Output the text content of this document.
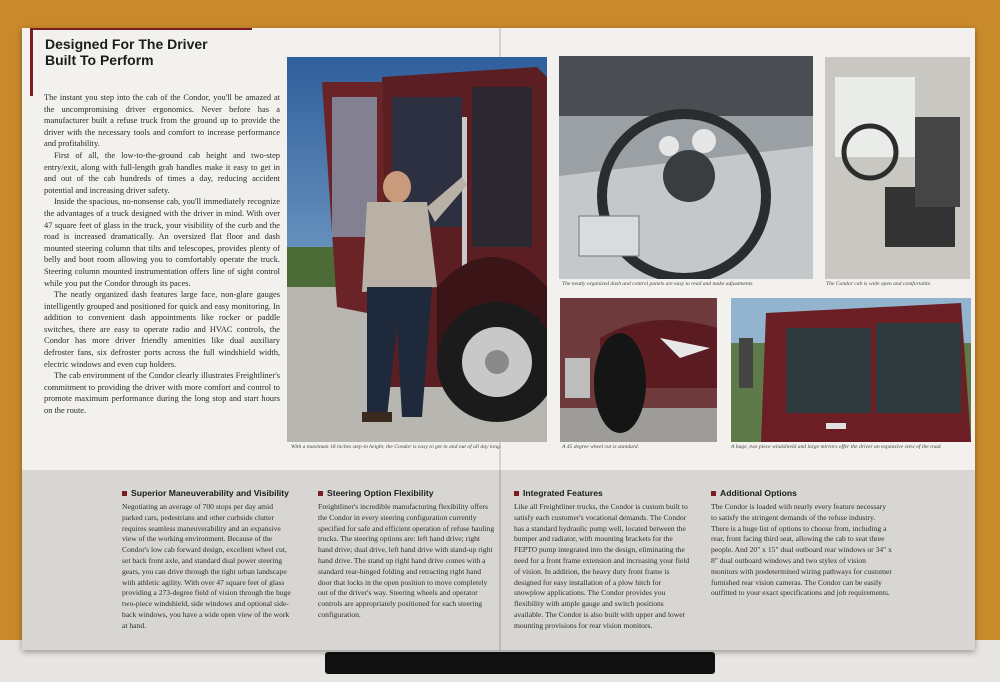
Designed For The Driver
Built To Perform

The instant you step into the cab of the Condor, you'll be amazed at the uncompromising driver ergonomics. Never before has a manufacturer built a refuse truck from the ground up to provide the driver with the necessary tools and comfort to increase performance and profitability.

First of all, the low-to-the-ground cab height and two-step entry/exit, along with full-length grab handles make it easy to get in and out of the cab hundreds of times a day, reducing accident potential and increasing driver safety.

Inside the spacious, no-nonsense cab, you'll immediately recognize the advantages of a truck designed with the driver in mind. With over 47 square feet of glass in the truck, your visibility of the curb and the road is increased dramatically. An oversized flat floor and dash mounted steering column that tilts and telescopes, provides plenty of belly and boot room allowing you to comfortably operate the truck. Steering column mounted instrumentation offers line of sight control while you put the Condor through its paces.

The neatly organized dash features large face, non-glare gauges intelligently grouped and positioned for quick and easy monitoring. In addition to convenient dash appointments like rocker or paddle switches, there are easy to operate radio and HVAC controls, the Condor has more driver friendly amenities like dual auxiliary defroster fans, six defroster ports across the full windshield width, electric windows and even cup holders.

The cab environment of the Condor clearly illustrates Freightliner's commitment to providing the driver with more comfort and control to promote maximum performance during the long stop and start hours on the route.

With a maximum 18 inches step-in height, the Condor is easy to get in and out of all day long.
The neatly organized dash and control panels are easy to read and make adjustments.	The Condor cab is wide open and comfortable.
A 45 degree wheel cut is standard.	A huge, two piece windshield and large mirrors offer the driver an expansive view of the road.
Superior Maneuverability and Visibility

Negotiating an average of 700 stops per day amid parked cars, pedestrians and other curbside clutter requires seamless maneuverability and an expansive view of the working environment. Because of the Condor's low cab forward design, excellent wheel cut, set back front axle, and standard dual power steering gears, you can drive through the tight urban landscape with athletic agility. With over 47 square feet of glass providing a 273-degree field of vision through the huge two-piece windshield, side windows and optional side-back windows, you have a wide open view of the work at hand.

Steering Option Flexibility

Freightliner's incredible manufacturing flexibility offers the Condor in every steering configuration currently specified for safe and efficient operation of refuse hauling trucks. The steering options are: left hand drive; right hand drive; dual drive, left hand drive with stand-up right hand drive. The stand up right hand drive comes with a standard rear-hinged folding and retracting right hand door that locks in the open position to move completely out of the driver's way. Steering wheels and operator controls are appropriately positioned for each steering configuration.

Integrated Features

Like all Freightliner trucks, the Condor is custom built to satisfy each customer's vocational demands. The Condor has a standard hydraulic pump well, located between the bumper and radiator, with mounting brackets for the FEPTO pump integrated into the design, eliminating the need for a front frame extension and increasing your field of vision. In addition, the heavy duty front frame is designed for easy installation of a plow hitch for snowplow applications. The Condor provides you flexibility with ample gauge and switch positions available. The Condor is also built with upper and lower mounting provisions for rear vision monitors.

Additional Options

The Condor is loaded with nearly every feature necessary to satisfy the stringent demands of the refuse industry. There is a huge list of options to choose from, including a rear, front facing third seat, allowing the cab to seat three people. And 20" x 15" dual outboard rear windows or 34" x 8" dual outboard windows and two stylex of vision monitors with predetermined wiring pathways for customer furnished rear vision cameras. The Condor can be easily outfitted to your exact specifications and job requirements.
